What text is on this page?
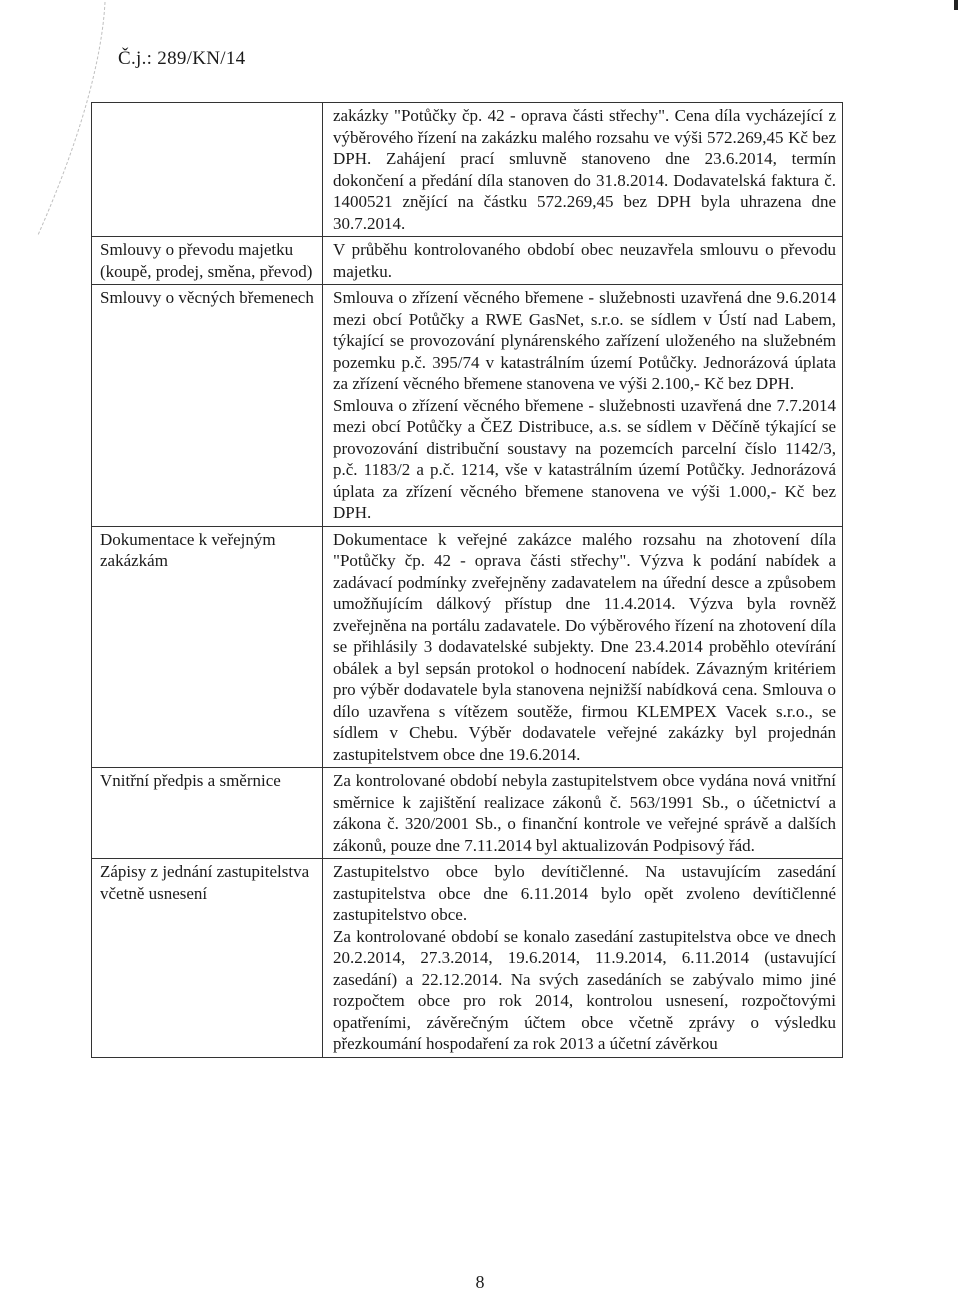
Č.j.: 289/KN/14

zakázky "Potůčky čp. 42 - oprava části střechy". Cena díla vycházející z výběrového řízení na zakázku malého rozsahu ve výši 572.269,45 Kč bez DPH. Zahájení prací smluvně stanoveno dne 23.6.2014, termín dokončení a předání díla stanoven do 31.8.2014. Dodavatelská faktura č. 1400521 znějící na částku 572.269,45 bez DPH byla uhrazena dne 30.7.2014.

Smlouvy o převodu majetku (koupě, prodej, směna, převod)

V průběhu kontrolovaného období obec neuzavřela smlouvu o převodu majetku.

Smlouvy o věcných břemenech	Smlouva o zřízení věcného břemene - služebnosti uzavřená dne 9.6.2014 mezi obcí Potůčky a RWE GasNet, s.r.o. se sídlem v Ústí nad Labem, týkající se provozování plynárenského zařízení uloženého na služebném pozemku p.č. 395/74 v katastrálním území Potůčky. Jednorázová úplata za zřízení věcného břemene stanovena ve výši 2.100,- Kč bez DPH.

Smlouva o zřízení věcného břemene - služebnosti uzavřená dne 7.7.2014 mezi obcí Potůčky a ČEZ Distribuce, a.s. se sídlem v Děčíně týkající se provozování distribuční soustavy na pozemcích parcelní číslo 1142/3, p.č. 1183/2 a p.č. 1214, vše v katastrálním území Potůčky. Jednorázová úplata za zřízení věcného břemene stanovena ve výši 1.000,- Kč bez DPH.

Dokumentace k veřejným zakázkám

Dokumentace k veřejné zakázce malého rozsahu na zhotovení díla "Potůčky čp. 42 - oprava části střechy". Výzva k podání nabídek a zadávací podmínky zveřejněny zadavatelem na úřední desce a způsobem umožňujícím dálkový přístup dne 11.4.2014. Výzva byla rovněž zveřejněna na portálu zadavatele. Do výběrového řízení na zhotovení díla se přihlásily 3 dodavatelské subjekty. Dne 23.4.2014 proběhlo otevírání obálek a byl sepsán protokol o hodnocení nabídek. Závazným kritériem pro výběr dodavatele byla stanovena nejnižší nabídková cena. Smlouva o dílo uzavřena s vítězem soutěže, firmou KLEMPEX Vacek s.r.o., se sídlem v Chebu. Výběr dodavatele veřejné zakázky byl projednán zastupitelstvem obce dne 19.6.2014.

Vnitřní předpis a směrnice	Za kontrolované období nebyla zastupitelstvem obce vydána nová vnitřní směrnice k zajištění realizace zákonů č. 563/1991 Sb., o účetnictví a zákona č. 320/2001 Sb., o finanční kontrole ve veřejné správě a dalších zákonů, pouze dne 7.11.2014 byl aktualizován Podpisový řád.

Zápisy z jednání zastupitelstva včetně usnesení

Zastupitelstvo obce bylo devítičlenné. Na ustavujícím zasedání zastupitelstva obce dne 6.11.2014 bylo opět zvoleno devítičlenné zastupitelstvo obce.

Za kontrolované období se konalo zasedání zastupitelstva obce ve dnech 20.2.2014, 27.3.2014, 19.6.2014, 11.9.2014, 6.11.2014 (ustavující zasedání) a 22.12.2014. Na svých zasedáních se zabývalo mimo jiné rozpočtem obce pro rok 2014, kontrolou usnesení, rozpočtovými opatřeními, závěrečným účtem obce včetně zprávy o výsledku přezkoumání hospodaření za rok 2013 a účetní závěrkou

8
